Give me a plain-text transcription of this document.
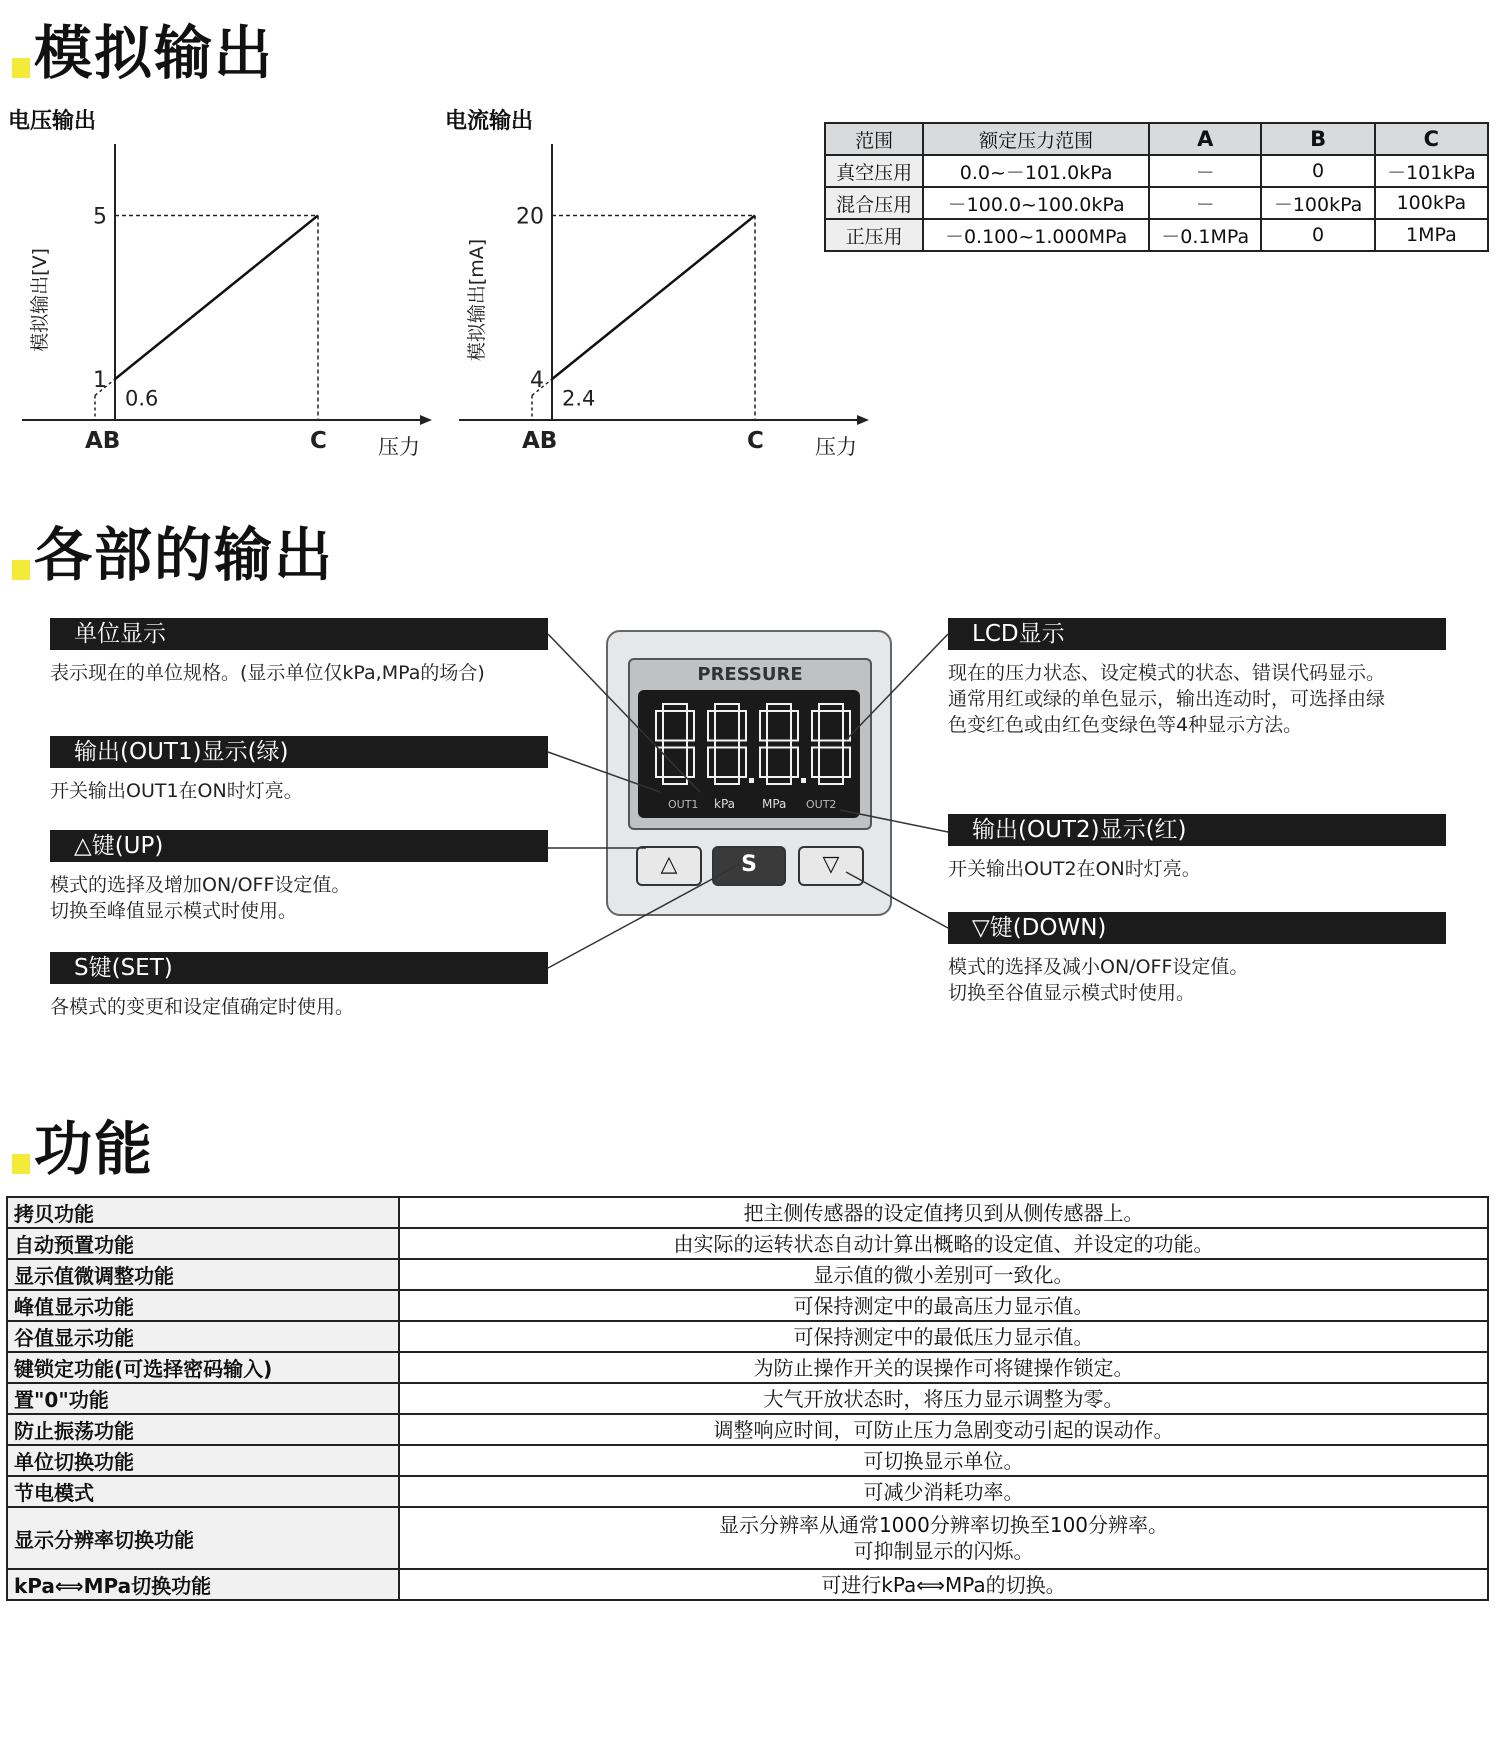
模拟输出
电压输出	电流输出
1
5
0.6
AB	C 压力
模拟输出[V]
4
20
2.4
AB	C 压力
模拟输出[mA]
范围	额定压力范围	A	B	C
真空压用	0.0~－101.0kPa	－	0	－101kPa
混合压用	－100.0~100.0kPa	－	－100kPa	100kPa
正压用	－0.100~1.000MPa	－0.1MPa	0	1MPa
各部的输出
单位显示
表示现在的单位规格。(显示单位仅kPa,MPa的场合)
输出(OUT1)显示(绿)
开关输出OUT1在ON时灯亮。
△键(UP)
模式的选择及增加ON/OFF设定值。
切换至峰值显示模式时使用。
S键(SET)
各模式的变更和设定值确定时使用。
LCD显示
现在的压力状态、设定模式的状态、错误代码显示。
通常用红或绿的单色显示，输出连动时，可选择由绿
色变红色或由红色变绿色等4种显示方法。
输出(OUT2)显示(红)
开关输出OUT2在ON时灯亮。
▽键(DOWN)
模式的选择及减小ON/OFF设定值。
切换至谷值显示模式时使用。
PRESSURE
OUT1 kPa MPa OUT2
△	S	▽
功能
拷贝功能	把主侧传感器的设定值拷贝到从侧传感器上。
自动预置功能	由实际的运转状态自动计算出概略的设定值、并设定的功能。
显示值微调整功能	显示值的微小差别可一致化。
峰值显示功能	可保持测定中的最高压力显示值。
谷值显示功能	可保持测定中的最低压力显示值。
键锁定功能(可选择密码输入)	为防止操作开关的误操作可将键操作锁定。
置"0"功能	大气开放状态时，将压力显示调整为零。
防止振荡功能	调整响应时间，可防止压力急剧变动引起的误动作。
单位切换功能	可切换显示单位。
节电模式	可减少消耗功率。
显示分辨率切换功能	显示分辨率从通常1000分辨率切换至100分辨率。
可抑制显示的闪烁。
kPa⟺MPa切换功能	可进行kPa⟺MPa的切换。
